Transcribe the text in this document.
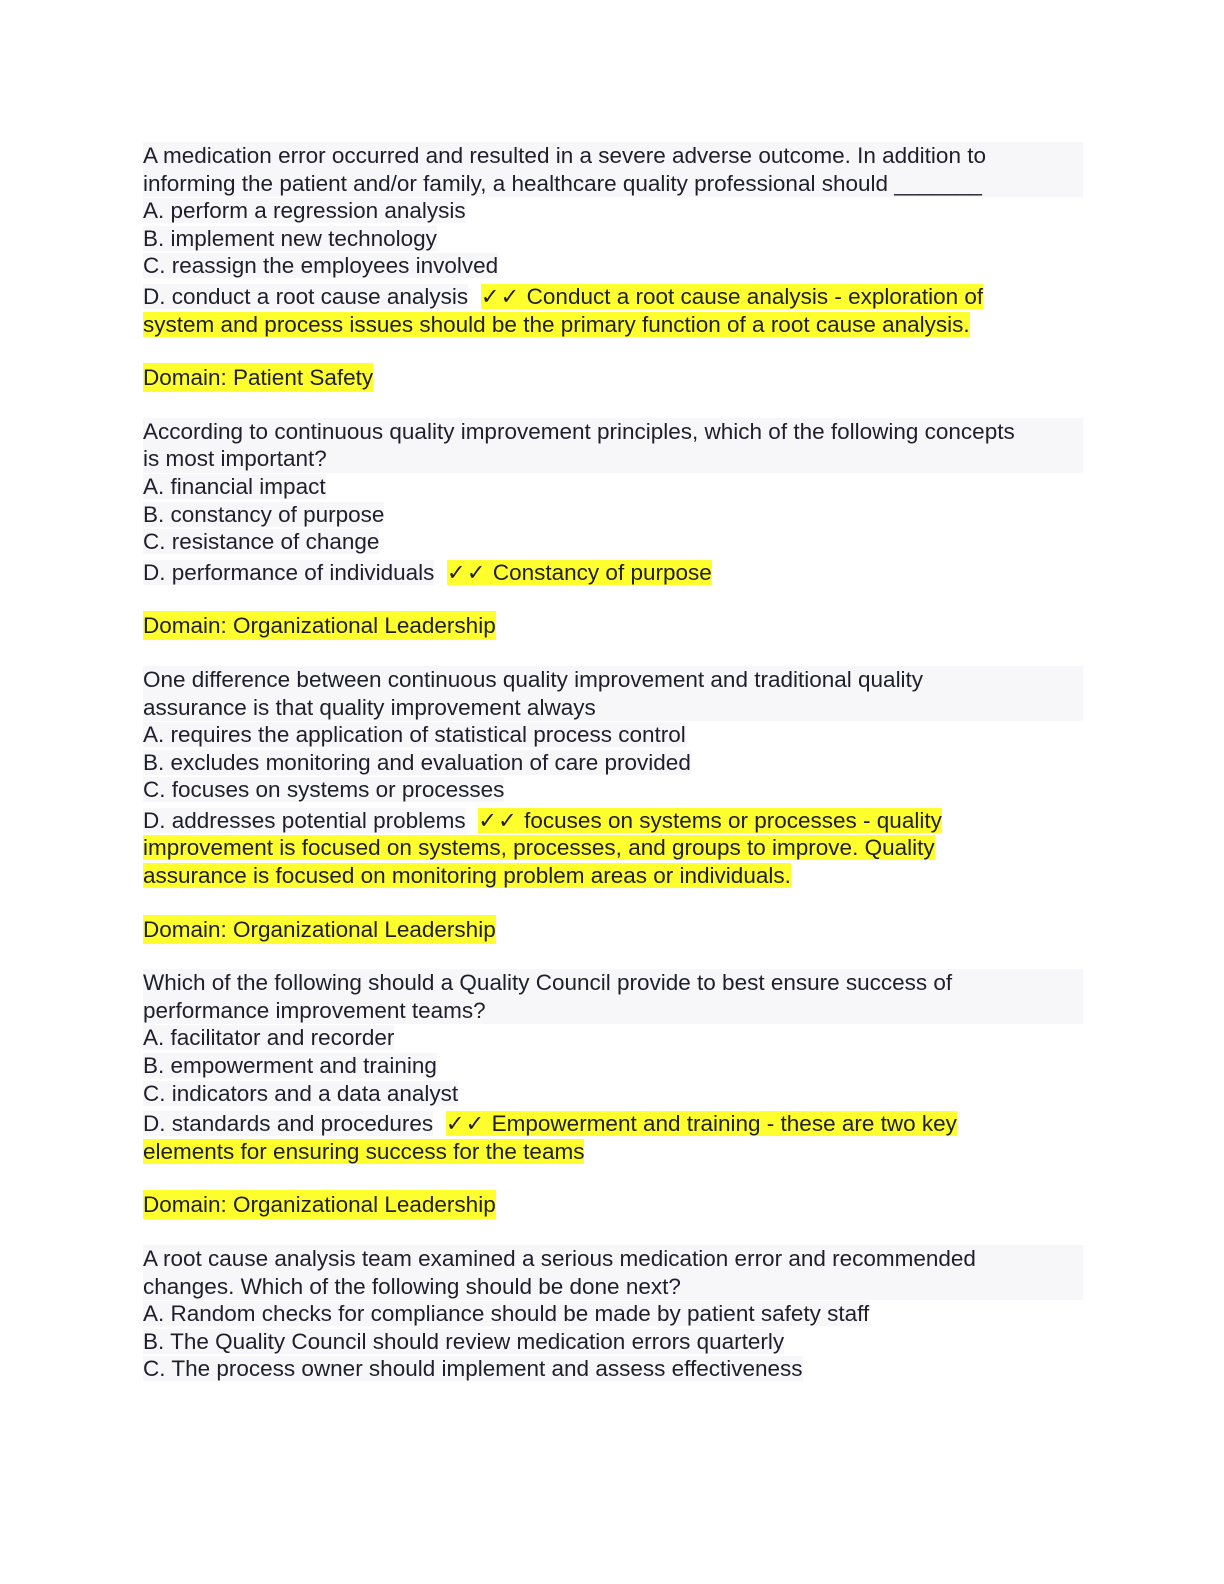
A medication error occurred and resulted in a severe adverse outcome. In addition to
informing the patient and/or family, a healthcare quality professional should _______
A. perform a regression analysis
B. implement new technology
C. reassign the employees involved
D. conduct a root cause analysis ✓✓ Conduct a root cause analysis - exploration of
system and process issues should be the primary function of a root cause analysis.
Domain: Patient Safety
According to continuous quality improvement principles, which of the following concepts
is most important?
A. financial impact
B. constancy of purpose
C. resistance of change
D. performance of individuals ✓✓ Constancy of purpose
Domain: Organizational Leadership
One difference between continuous quality improvement and traditional quality
assurance is that quality improvement always
A. requires the application of statistical process control
B. excludes monitoring and evaluation of care provided
C. focuses on systems or processes
D. addresses potential problems ✓✓ focuses on systems or processes - quality
improvement is focused on systems, processes, and groups to improve. Quality
assurance is focused on monitoring problem areas or individuals.
Domain: Organizational Leadership
Which of the following should a Quality Council provide to best ensure success of
performance improvement teams?
A. facilitator and recorder
B. empowerment and training
C. indicators and a data analyst
D. standards and procedures ✓✓ Empowerment and training - these are two key
elements for ensuring success for the teams
Domain: Organizational Leadership
A root cause analysis team examined a serious medication error and recommended
changes. Which of the following should be done next?
A. Random checks for compliance should be made by patient safety staff
B. The Quality Council should review medication errors quarterly
C. The process owner should implement and assess effectiveness
